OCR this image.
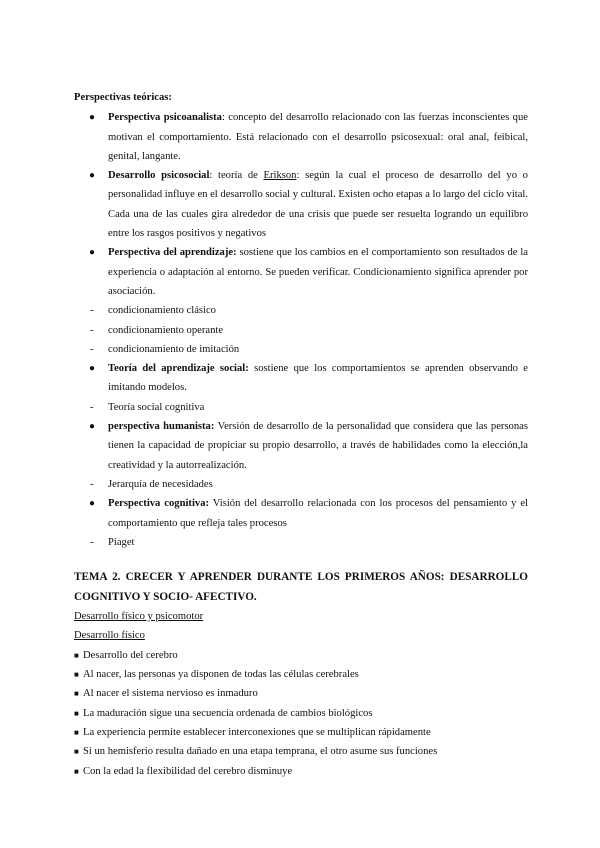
Perspectivas teóricas:
● Perspectiva psicoanalista: concepto del desarrollo relacionado con las fuerzas inconscientes que motivan el comportamiento. Está relacionado con el desarrollo psicosexual: oral anal, feibical, genital, langante.
● Desarrollo psicosocial: teoría de Erikson: según la cual el proceso de desarrollo del yo o personalidad influye en el desarrollo social y cultural. Existen ocho etapas a lo largo del ciclo vital. Cada una de las cuales gira alrededor de una crisis que puede ser resuelta logrando un equilibro entre los rasgos positivos y negativos
● Perspectiva del aprendizaje: sostiene que los cambios en el comportamiento son resultados de la experiencia o adaptación al entorno. Se pueden verificar. Condicionamiento significa aprender por asociación.
- condicionamiento clásico
- condicionamiento operante
- condicionamiento de imitación
● Teoría del aprendizaje social: sostiene que los comportamientos se aprenden observando e imitando modelos.
- Teoría social cognitiva
● perspectiva humanista: Versión de desarrollo de la personalidad que considera que las personas tienen la capacidad de propiciar su propio desarrollo, a través de habilidades como la elección,la creatividad y la autorrealización.
- Jerarquía de necesidades
● Perspectiva cognitiva: Visión del desarrollo relacionada con los procesos del pensamiento y el comportamiento que refleja tales procesos
- Piaget
TEMA 2. CRECER Y APRENDER DURANTE LOS PRIMEROS AÑOS: DESARROLLO COGNITIVO Y SOCIO- AFECTIVO.
Desarrollo físico y psicomotor
Desarrollo físico
■ Desarrollo del cerebro
■ Al nacer, las personas ya disponen de todas las células cerebrales
■ Al nacer el sistema nervioso es inmaduro
■ La maduración sigue una secuencia ordenada de cambios biológicos
■ La experiencia permite establecer interconexiones que se multiplican rápidamente
■ Si un hemisferio resulta dañado en una etapa temprana, el otro asume sus funciones
■ Con la edad la flexibilidad del cerebro disminuye
